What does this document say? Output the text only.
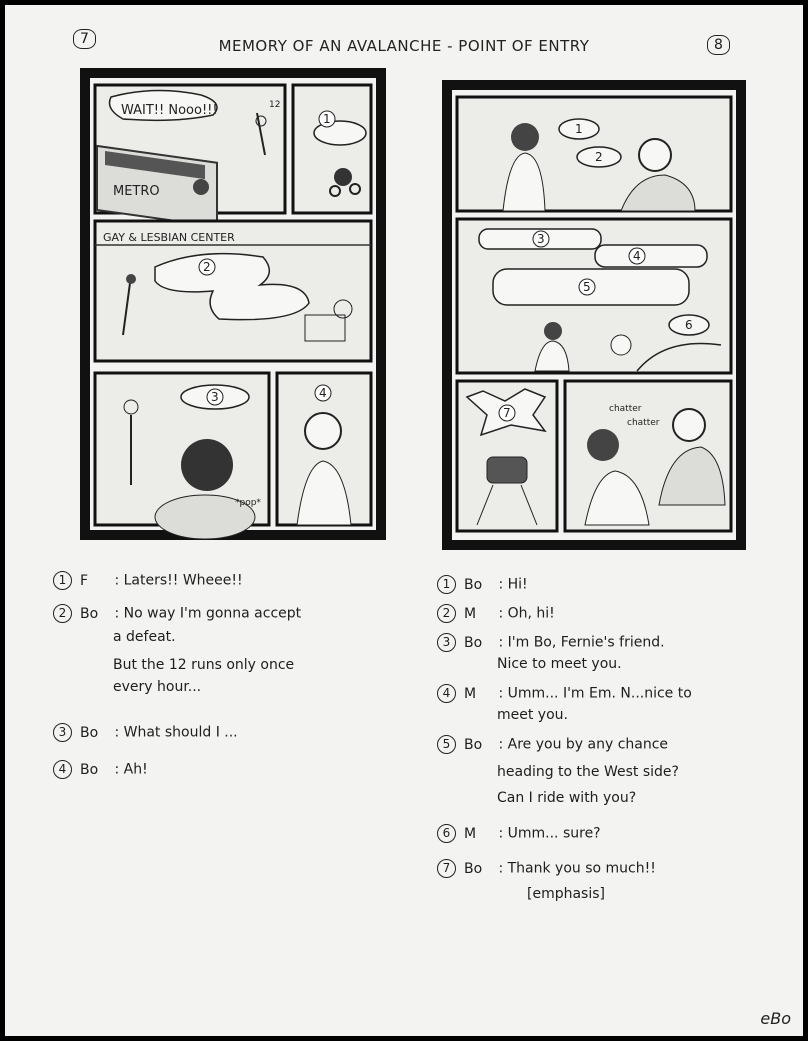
7	MEMORY OF AN AVALANCHE - POINT OF ENTRY	8
METRO
WAIT!! Nooo!!!	12
1
GAY & LESBIAN CENTER
2
3
*pop*
4
1
2
3
4
5
6
7	chatter
chatter

1 F : Laters!! Wheee!!

2 Bo : No way I'm gonna accept

a defeat.

But the 12 runs only once

every hour...

3 Bo : What should I ...

4 Bo : Ah!

1 Bo : Hi!

2 M : Oh, hi!

3 Bo : I'm Bo, Fernie's friend.

Nice to meet you.

4 M : Umm... I'm Em. N...nice to

meet you.

5 Bo : Are you by any chance

heading to the West side?

Can I ride with you?

6 M : Umm... sure?

7 Bo : Thank you so much!!

[emphasis]

eBo
